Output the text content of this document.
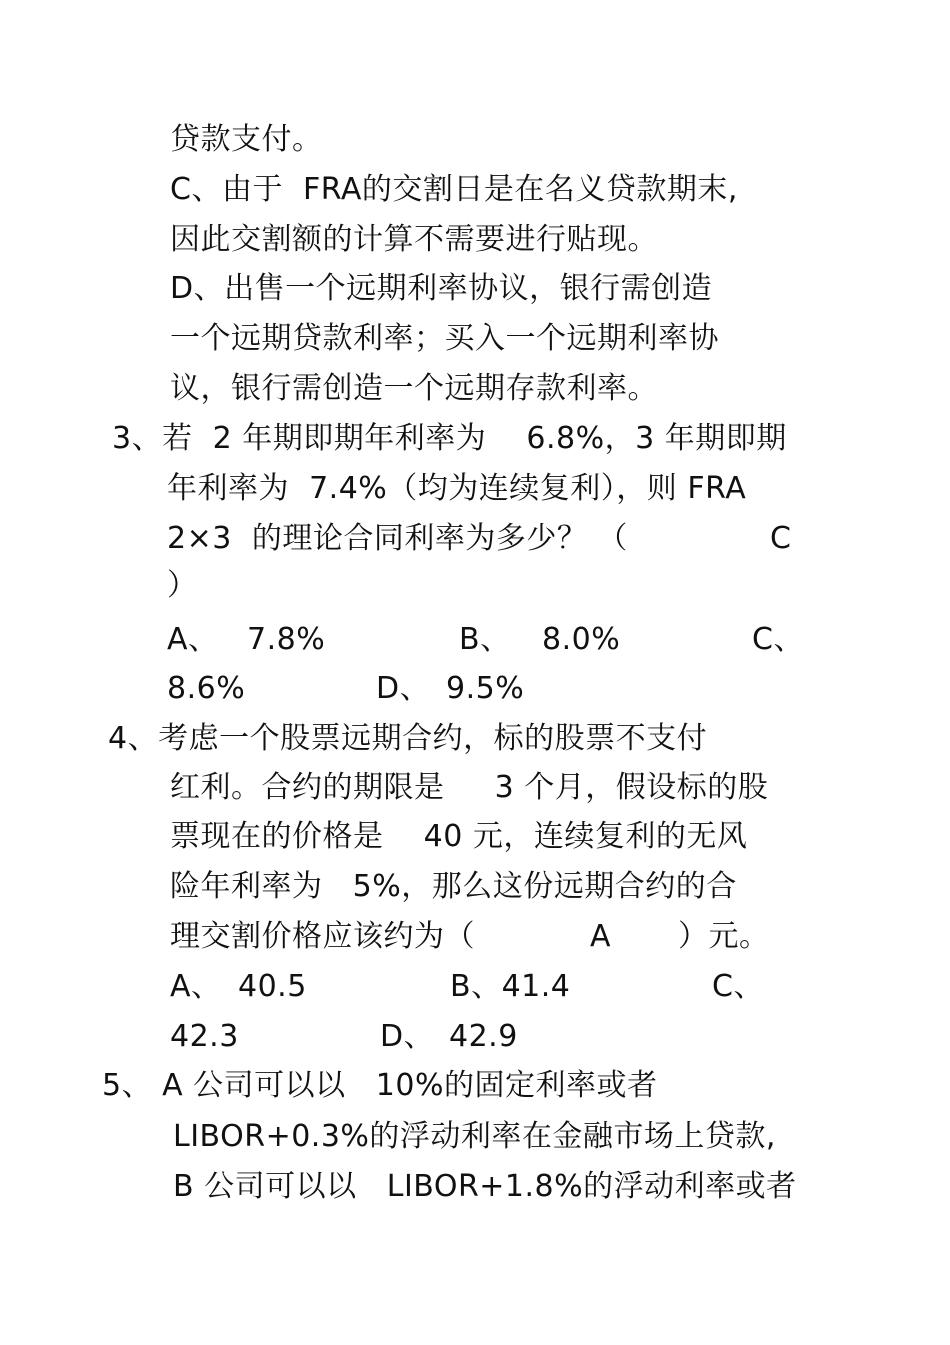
贷款支付。
C、由于  FRA的交割日是在名义贷款期末,
因此交割额的计算不需要进行贴现。
D、出售一个远期利率协议，银行需创造
一个远期贷款利率；买入一个远期利率协
议，银行需创造一个远期存款利率。
3、若  2 年期即期年利率为    6.8%，3 年期即期
年利率为  7.4%（均为连续复利），则 FRA
2×3  的理论合同利率为多少？ （	C
）
A、 7.8%	B、 8.0%	C、
8.6%	D、 9.5%
4、考虑一个股票远期合约，标的股票不支付
红利。合约的期限是     3 个月，假设标的股
票现在的价格是    40 元，连续复利的无风
险年利率为   5%，那么这份远期合约的合
理交割价格应该约为（	A ）元。
A、 40.5	B、41.4	C、
42.3	D、 42.9
5、 A 公司可以以   10%的固定利率或者
LIBOR+0.3%的浮动利率在金融市场上贷款,
B 公司可以以   LIBOR+1.8%的浮动利率或者
